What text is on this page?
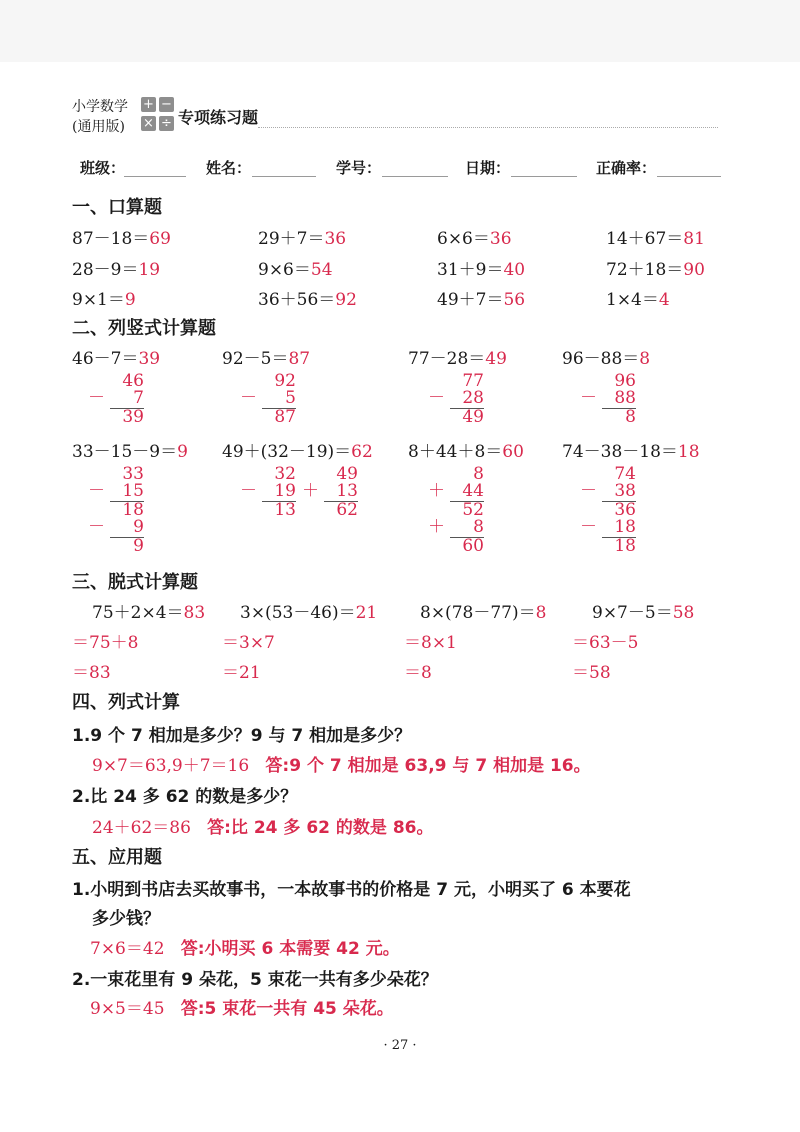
小学数学
(通用版)
+ −
× ÷ 专项练习题
班级：	姓名：	学号：	日期：	正确率：
一、口算题
87－18＝69	29＋7＝36	6×6＝36	14＋67＝81
28－9＝19	9×6＝54	31＋9＝40	72＋18＝90
9×1＝9	36＋56＝92	49＋7＝56	1×4＝4
二、列竖式计算题
46－7＝39
46
－	7
39
92－5＝87
92
－	5
87
77－28＝49
77
－	28
49
96－88＝8
96
－	88
8
33－15－9＝9
33
－	15
18
－	9
9
49＋(32－19)＝62
32
－	19
13
49
＋	13
62
8＋44＋8＝60
8
＋	44
52
＋	8
60
74－38－18＝18
74
－	38
36
－	18
18
三、脱式计算题
75＋2×4＝83
＝75＋8
＝83
3×(53－46)＝21
＝3×7
＝21
8×(78－77)＝8
＝8×1
＝8
9×7－5＝58
＝63－5
＝58
四、列式计算
1.9 个 7 相加是多少？9 与 7 相加是多少？
9×7＝63,9＋7＝16 答:9 个 7 相加是 63,9 与 7 相加是 16。
2.比 24 多 62 的数是多少？
24＋62＝86 答:比 24 多 62 的数是 86。
五、应用题
1.小明到书店去买故事书，一本故事书的价格是 7 元，小明买了 6 本要花
多少钱？
7×6＝42 答:小明买 6 本需要 42 元。
2.一束花里有 9 朵花，5 束花一共有多少朵花？
9×5＝45 答:5 束花一共有 45 朵花。
· 27 ·
